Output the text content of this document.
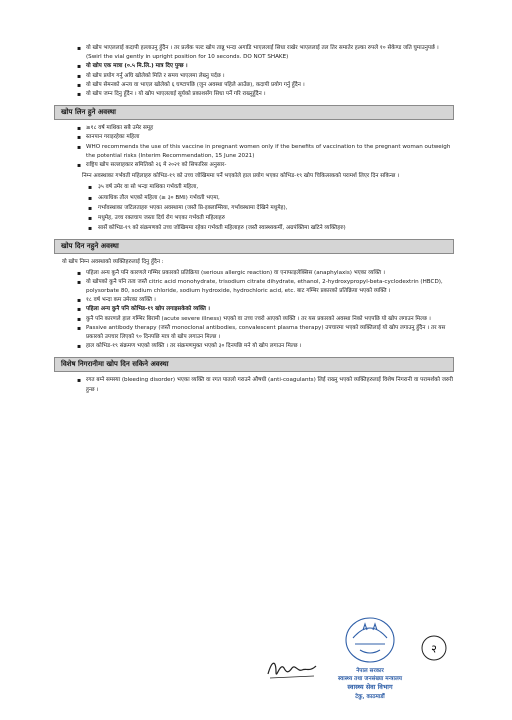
▪ यो खोप भाएललाई कदापी हल्लाउनु हुँदैन । तर प्रत्येक पल्ट खोप तान्नु भन्दा अगाडि भाएललाई सिधा राखेर भाएललाई तल तिर समातेर हल्का रुपले १० सेकेण्ड जति घुमाउनुपर्छ । (Swirl the vial gently in upright position for 10 seconds. DO NOT SHAKE)
▪ यो खोप एक मात्रा (०.५ मि.लि.) मात्र दिए पुग्छ ।
▪ यो खोप प्रयोग गर्नु अघि खोलेको मिति र समय भाएलमा लेख्नु पर्दछ ।
▪ यो खोप सेमनको अन्त्य वा भाएल खोलेको ६ घण्टापछि (जुन अवस्था पहिले आउँछ), कदापी प्रयोग गर्नु हुँदैन ।
▪ यो खोप जम्न दिनु हुँदैन । यो खोप भाएललाई सूर्यको प्रकाशसँग सिधा पर्ने गरि राख्नुहुँदैन ।
खोप लिन हुने अवस्था
▪ ≥१८ वर्ष माथिका सबै उमेर समूह
▪ स्तनपान गराइरहेका महिला
▪ WHO recommends the use of this vaccine in pregnant women only if the benefits of vaccination to the pregnant woman outweigh the potential risks (Interim Recommendation, 15 June 2021)
▪ राष्ट्रिय खोप सल्लाहकार समितिको २६ मे २०२१ को सिफारिस अनुसार-
निम्न अवस्थाका गर्भवती महिलाहरु कोभिड-१९ को उच्च जोखिममा पर्ने भएकोले हाल प्रयोग भएका कोभिड-१९ खोप चिकित्सकको परामर्श लिएर दिन सकिन्छ ।
▪ ३५ वर्ष उमेर वा सो भन्दा माथिका गर्भवती महिला,
▪ अत्याधिक तौल भएको महिला (≥ ३० BMI) गर्भवती भएमा,
▪ गर्भावस्थाका जटिलताहरु भएका अवस्थामा (जस्तै प्रि-इक्लाम्सिया, गर्भावस्थामा देखिने मधुमेह),
▪ मधुमेह, उच्च रक्तचाप जस्ता दिर्घ रोग भएका गर्भवती महिलाहरु
▪ सार्से कोभिड-१९ को संक्रमणको उच्च जोखिममा रहेका गर्भवती महिलाहरु (जस्तै स्वास्थ्यकर्मी, अग्रपंक्तिमा खटिने व्यक्तिहरु)
खोप दिन नहुने अवस्था
यो खोप निम्न अवस्थाको व्यक्तिहरुलाई दिनु हुँदैन :
▪ पहिला अन्य कुनै पनि कारणले गम्भिर प्रकारको प्रतिक्रिया (serious allergic reaction) वा एनाफाइलेक्सिस (anaphylaxis) भएका व्यक्ति ।
▪ यो खोपको कुनै पनि तत्व जस्तै citric acid monohydrate, trisodium citrate dihydrate, ethanol, 2-hydroxypropyl-beta-cyclodextrin (HBCD), polysorbate 80, sodium chloride, sodium hydroxide, hydrochloric acid, etc. बाट गम्भिर प्रकारको प्रतिक्रिया भएको व्यक्ति ।
▪ १८ वर्ष भन्दा कम उमेरका व्यक्ति ।
▪ पहिला अन्य कुनै पनि कोभिड-१९ खोप लगाइसकेको व्यक्ति ।
▪ कुनै पनि कारणले हाल गम्भिर बिरामी (acute severe illness) भएको वा उच्च ज्वरो आएको व्यक्ति । तर यस प्रकारको अवस्था निको भएपछि यो खोप लगाउन मिल्छ ।
▪ Passive antibody therapy (जस्तै monoclonal antibodies, convalescent plasma therapy) उपचारमा भएको व्यक्तिलाई यो खोप लगाउनु हुँदैन । तर यस प्रकारको उपचार लिएको ९० दिनपछि मात्र यो खोप लगाउन मिल्छ ।
▪ हाल कोभिड-१९ संक्रमण भएको व्यक्ति । तर संक्रमणमुक्त भएको ३० दिनपछि मने यो खोप लगाउन मिल्छ ।
विशेष निगरानीमा खोप दिन सकिने अवस्था
▪ रगत बग्ने समस्या (bleeding disorder) भएका व्यक्ति वा रगत पातलो गराउने औषधी (anti-coagulants) लिई राख्नु भएको व्यक्तिहरुलाई विशेष निगरानी वा परामर्शको जरुरी हुन्छ ।
नेपाल सरकार
स्वास्थ्य तथा जनसंख्या मन्त्रालय
स्वास्थ्य सेवा विभाग
टेकु, काठमाडौं
२
